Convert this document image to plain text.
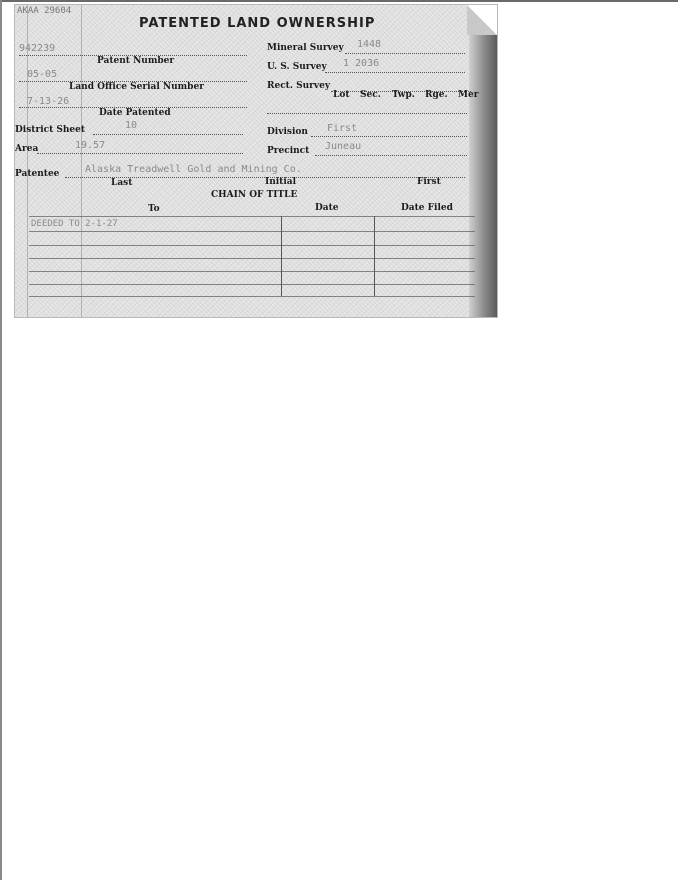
AKAA 29604
PATENTED LAND OWNERSHIP
942239
Patent Number
05-05
Land Office Serial Number
7-13-26
Date Patented
District Sheet	10
Area	19.57
Mineral Survey 1448
U. S. Survey 1 2036
Rect. Survey
Lot Sec. Twp. Rge. Mer
Division First
Precinct Juneau
Patentee	Alaska Treadwell Gold and Mining Co.
Last	Initial	First
CHAIN OF TITLE
To	Date	Date Filed
DEEDED TO 2-1-27
